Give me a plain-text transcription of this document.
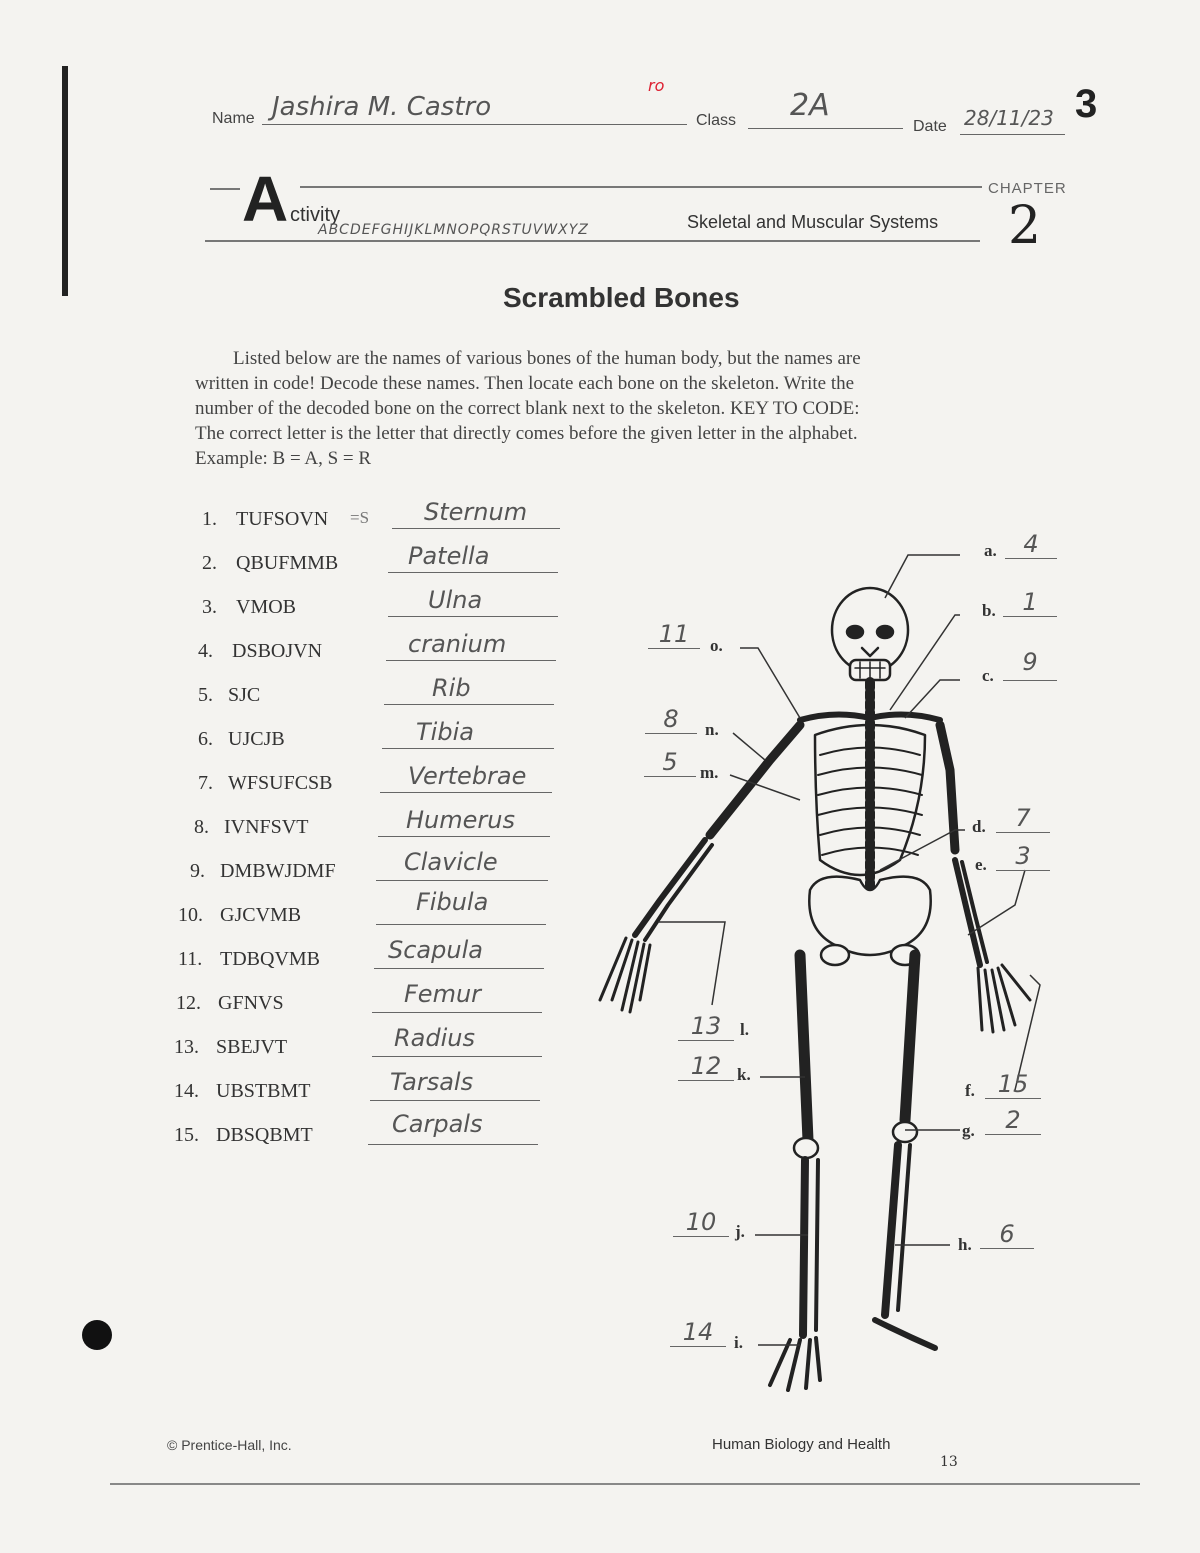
Name Jashira M. Castro
ro
Class 2A
Date 28/11/23 3
A ctivity
ABCDEFGHIJKLMNOPQRSTUVWXYZ	Skeletal and Muscular Systems
CHAPTER
2
Scrambled Bones
Listed below are the names of various bones of the human body, but the names are
written in code! Decode these names. Then locate each bone on the skeleton. Write the
number of the decoded bone on the correct blank next to the skeleton. KEY TO CODE:
The correct letter is the letter that directly comes before the given letter in the alphabet.
Example: B = A, S = R
1. TUFSOVN =S Sternum
2. QBUFMMB	Patella
3. VMOB	Ulna
4. DSBOJVN	cranium
5. SJC	Rib
6. UJCJB	Tibia
7. WFSUFCSB	Vertebrae
8. IVNFSVT	Humerus
9. DMBWJDMF	Clavicle
10. GJCVMB	Fibula
11. TDBQVMB	Scapula
12. GFNVS	Femur
13. SBEJVT	Radius
14. UBSTBMT	Tarsals
15. DBSQBMT	Carpals
a.	4
b.	1
c.	9
d.	7
e.	3
f. 15
g.	2
h.	6
11	o.
8	n.
5	m.
13	l.
12 k.
10	j.
14	i.
© Prentice-Hall, Inc.	Human Biology and Health
13
